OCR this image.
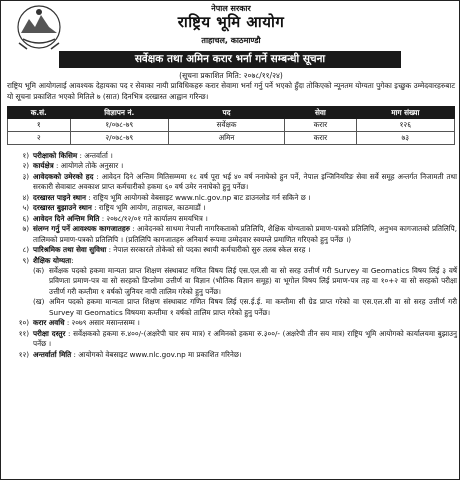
नेपाल सरकार
राष्ट्रिय भूमि आयोग
ताहाचल, काठमाण्डौ
सर्वेक्षक तथा अमिन करार भर्ना गर्ने सम्बन्धी सूचना
(सूचना प्रकाशित मिति: २०७८/११/२४)
राष्ट्रिय भूमि आयोगलाई आवश्यक देहायका पद र सेवाका नायी प्राविधिकहरु करार सेवामा भर्ना गर्नु पर्ने भएको हुँदा तोकिएको न्यूनतम योग्यता पुगेका इच्छुक उम्मेदवारहरुबाट यो सूचना प्रकाशित भएको मितिले ७ (सात) दिनभित्र दरखास्त आह्वान गरिन्छ।
क.सं.	विज्ञापन नं.	पद	सेवा	माग संख्या
१	१/०७८-७९	सर्वेक्षक	करार	१२६
२	२/०७८-७९	अमिन	करार	७३
१) परीक्षाको किसिम : अन्तर्वार्ता ।
२) कार्यक्षेत्र : आयोगले तोके अनुसार ।
३) आवेदकको उमेरको हद : आवेदन दिने अन्तिम मितिसम्ममा १८ वर्ष पूरा भई ४० वर्ष ननाघेको हुन पर्ने, नेपाल इन्जिनियरिङ सेवा सर्वे समूह अन्तर्गत निजामती तथा सरकारी सेवाबाट अवकाश प्राप्त कर्मचारीको हकमा ६० वर्ष उमेर ननाघेको हुनु पर्नेछ।
४) दरखास्त पाइने स्थान : राष्ट्रिय भूमि आयोगको वेबसाइट www.nlc.gov.np बाट डाउनलोड गर्न सकिने छ ।
५) दरखास्त बुझाउने स्थान : राष्ट्रिय भूमि आयोग, ताहाचल, काठमाडौं ।
६) आवेदन दिने अन्तिम मिति : २०७८/१२/०१ गते कार्यालय समयभित्र ।
७) संलग्न गर्नु पर्ने आवश्यक कागजातहरु : आवेदनको साथमा नेपाली नागरिकताको प्रतिलिपि, शैक्षिक योग्यताको प्रमाण-पत्रको प्रतिलिपि, अनुभव कागजातको प्रतिलिपि, तालिमको प्रमाण-पत्रको प्रतिलिपि । (प्रतिलिपि कागजातहरु अनिवार्य रूपमा उम्मेदवार स्वयम्ले प्रमाणित गरिएको हुनु पर्नेछ ।)
८) पारिश्रमिक तथा सेवा सुविधा : नेपाल सरकारले तोकेको सो पदका स्थायी कर्मचारीको सुरु तलब स्केल सरह ।
९) शैक्षिक योग्यता:
(क) सर्वेक्षक पदको हकमा मान्यता प्राप्त शिक्षण संस्थाबाट गणित विषय लिई एस.एल.सी वा सो सरह उत्तीर्ण गरी Survey वा Geomatics विषय लिई ३ वर्षे प्रविणता प्रमाण-पत्र वा सो सरहको डिप्लोमा उत्तीर्ण वा विज्ञान (भौतिक विज्ञान समूह) वा भूगोल विषय लिई प्रमाण-पत्र तह वा १०+२ वा सो सरहको परीक्षा उत्तीर्ण गरी कम्तीमा १ वर्षको जुनियर नापी तालिम गरेको हुनु पर्नेछ।
(ख) अमिन पदको हकमा मान्यता प्राप्त शिक्षण संस्थाबाट गणित विषय लिई एस.ई.ई. मा कम्तीमा सी ग्रेड प्राप्त गरेको वा एस.एल.सी वा सो सरह उत्तीर्ण गरी Survey वा Geomatics विषयमा कम्तीमा १ वर्षको तालिम प्राप्त गरेको हुनु पर्नेछ।
१०) करार अवधि : २०७९ असार मसान्तसम्म ।
११) परीक्षा दस्तुर : सर्वेक्षकको हकमा रु.४००/-(अक्षरेपी चार सय मात्र) र अमिनको हकमा रु.३००/- (अक्षरेपी तीन सय मात्र) राष्ट्रिय भूमि आयोगको कार्यालयमा बुझाउनु पर्नेछ ।
१२) अन्तर्वार्ता मिति : आयोगको वेबसाइट www.nlc.gov.np मा प्रकाशित गरिनेछ।
